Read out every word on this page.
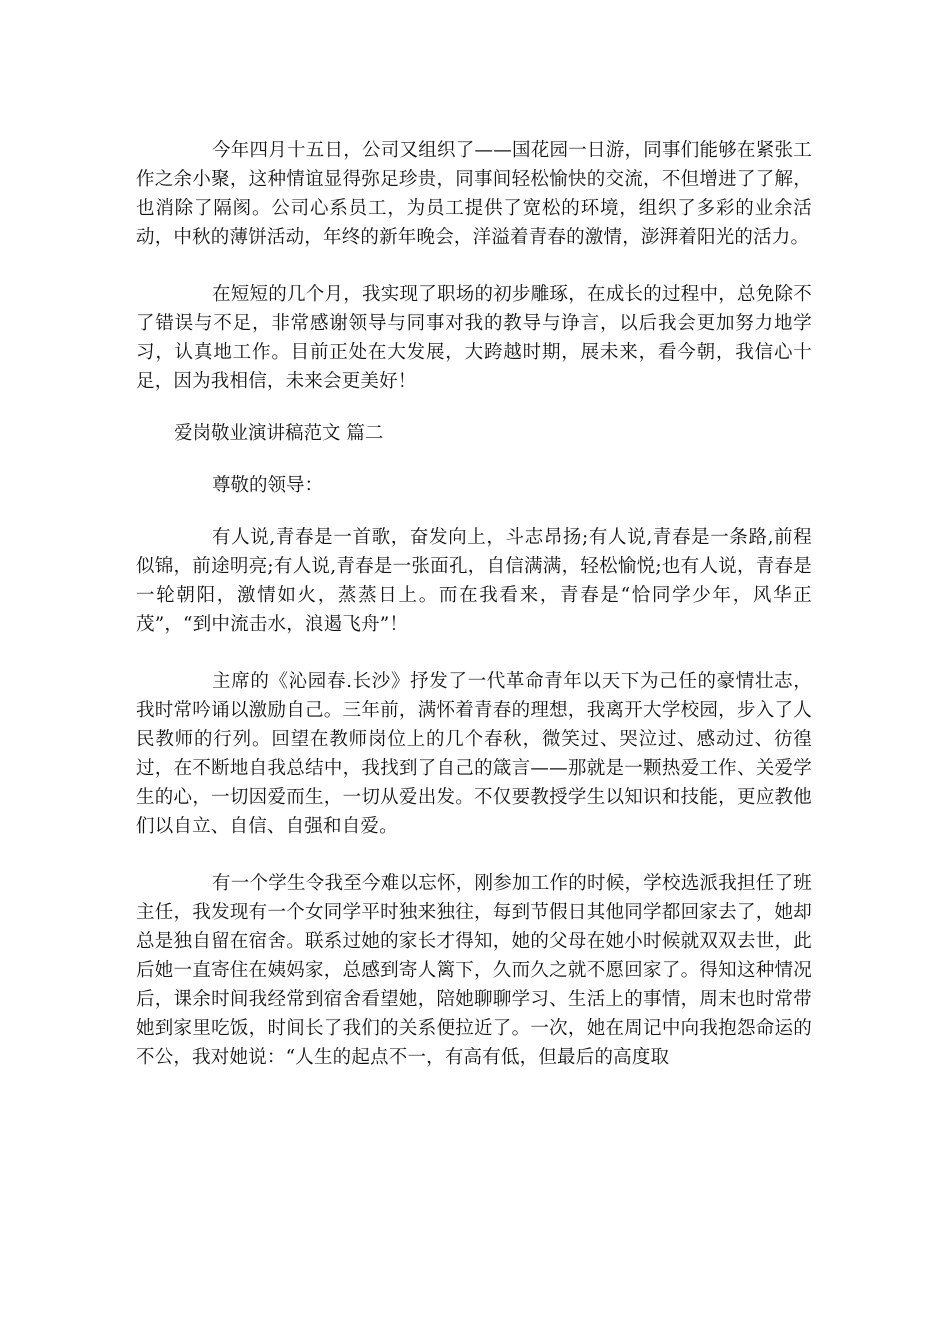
今年四月十五日，公司又组织了——国花园一日游，同事们能够在紧张工作之余小聚，这种情谊显得弥足珍贵，同事间轻松愉快的交流，不但增进了了解，也消除了隔阂。公司心系员工，为员工提供了宽松的环境，组织了多彩的业余活动，中秋的薄饼活动，年终的新年晚会，洋溢着青春的激情，澎湃着阳光的活力。

在短短的几个月，我实现了职场的初步雕琢，在成长的过程中，总免除不了错误与不足，非常感谢领导与同事对我的教导与诤言，以后我会更加努力地学习，认真地工作。目前正处在大发展，大跨越时期，展未来，看今朝，我信心十足，因为我相信，未来会更美好！

爱岗敬业演讲稿范文 篇二

尊敬的领导：

有人说,青春是一首歌，奋发向上，斗志昂扬;有人说,青春是一条路,前程似锦，前途明亮;有人说,青春是一张面孔，自信满满，轻松愉悦;也有人说，青春是一轮朝阳，激情如火，蒸蒸日上。而在我看来，青春是“恰同学少年，风华正茂”，“到中流击水，浪遏飞舟”！

主席的《沁园春.长沙》抒发了一代革命青年以天下为己任的豪情壮志，我时常吟诵以激励自己。三年前，满怀着青春的理想，我离开大学校园，步入了人民教师的行列。回望在教师岗位上的几个春秋，微笑过、哭泣过、感动过、彷徨过，在不断地自我总结中，我找到了自己的箴言——那就是一颗热爱工作、关爱学生的心，一切因爱而生，一切从爱出发。不仅要教授学生以知识和技能，更应教他们以自立、自信、自强和自爱。

有一个学生令我至今难以忘怀，刚参加工作的时候，学校选派我担任了班主任，我发现有一个女同学平时独来独往，每到节假日其他同学都回家去了，她却总是独自留在宿舍。联系过她的家长才得知，她的父母在她小时候就双双去世，此后她一直寄住在姨妈家，总感到寄人篱下，久而久之就不愿回家了。得知这种情况后，课余时间我经常到宿舍看望她，陪她聊聊学习、生活上的事情，周末也时常带她到家里吃饭，时间长了我们的关系便拉近了。一次，她在周记中向我抱怨命运的不公，我对她说：“人生的起点不一，有高有低，但最后的高度取
